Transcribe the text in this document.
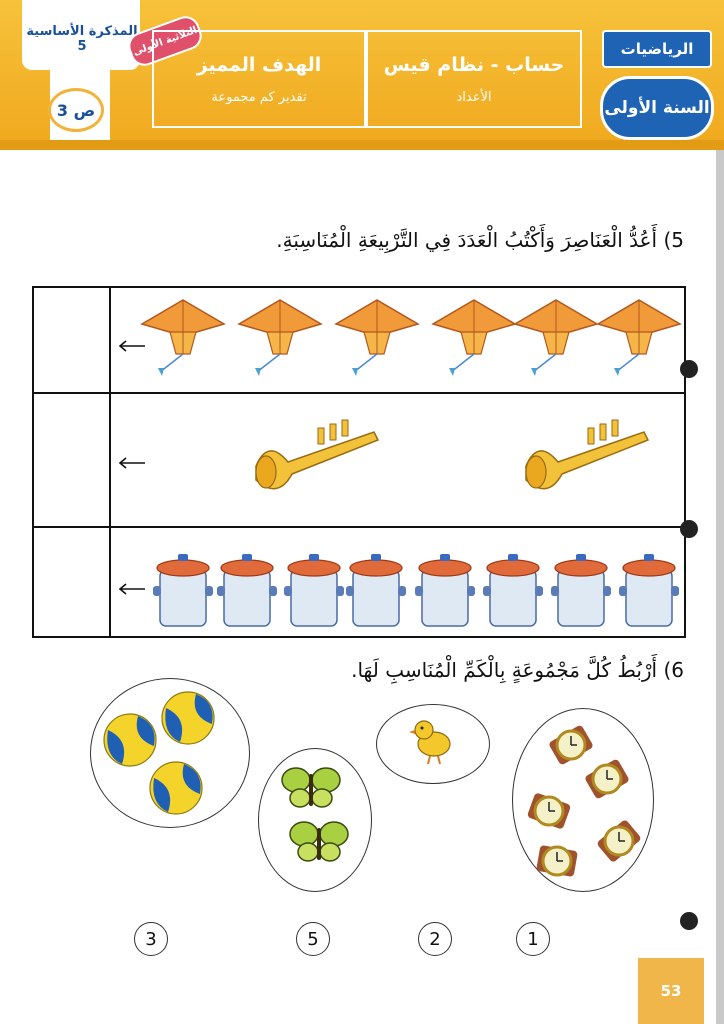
المذكرة الأساسية 5
ص 3
الثلاثية الأولى
الهدف المميز
تقدير كم مجموعة
حساب - نظام قيس
الأعداد
الرياضيات
السنة الأولى
5) أَعُدُّ الْعَنَاصِرَ وَأَكْتُبُ الْعَدَدَ فِي التَّرْبِيعَةِ الْمُنَاسِبَةِ.
6) أَرْبُطُ كُلَّ مَجْمُوعَةٍ بِالْكَمِّ الْمُنَاسِبِ لَهَا.
3	5	2	1
53
